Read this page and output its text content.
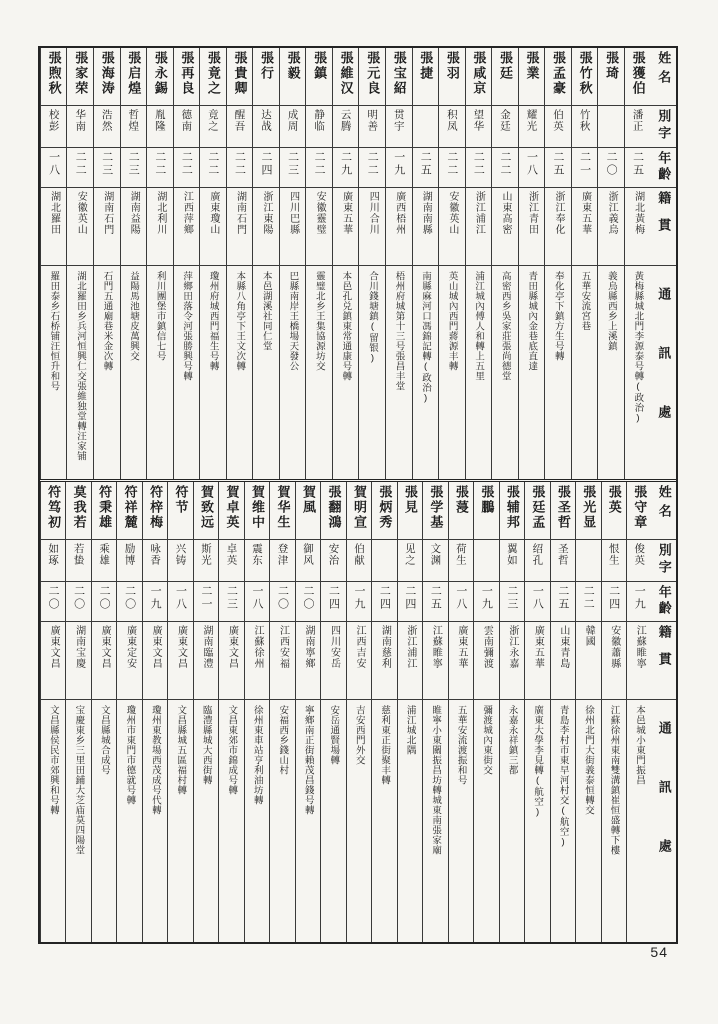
姓名
別字
年齡
籍貫
通訊處
張獲伯
潘正
二五
湖北黃梅
黃梅縣城北門李源泰号轉(政治)
張琦
二〇
浙江義烏
義烏縣西乡上溪鎮
張竹秋
竹秋
二一
廣東五華
五華安流宮巷
張孟豪
伯英
二五
浙江奉化
奉化亭下鎮方生号轉
張業
耀光
一八
浙江青田
青田縣城內金巷底直達
張廷
金廷
二二
山東高密
高密西乡吳家莊張尚德堂
張咸京
望华
二二
浙江浦江
浦江城內傅人和轉上五里
張羽
积凤
二二
安徽英山
英山城內西門蔣源丰轉
張捷
二五
湖南南縣
南縣麻河口馮錦記轉(政治)
張宝紹
贯宇
一九
廣西梧州
梧州府城第十三号張昌丰堂
張元良
明善
二二
四川合川
合川錢塘鎮(留银)
張維汉
云腾
二九
廣東五華
本邑孔兑鎮東常通康号轉
張鎮
静临
二二
安徽靈璧
靈璧北乡王集協源坊交
張毅
成周
二三
四川巴縣
巴縣南岸王橋場天發公
張行
达战
二四
浙江東陽
本邑湖溪社同仁堂
張貴卿
醒吾
二二
湖南石門
本縣八角亭下王文次轉
張竟之
竟之
二二
廣東瓊山
瓊州府城西門福生号轉
張再良
德南
二二
江西萍鄉
萍鄉田落令河張勝興号轉
張永錫
胤隆
二二
湖北利川
利川團堡市鎮信七号
張启煌
哲煌
二三
湖南益陽
益陽馬池塘皮萬興交
張海涛
浩然
二三
湖南石門
石門五通廟巷米金次轉
張家荣
华南
二二
安徽英山
湖北羅田乡兵河恒興仁交張維独堂轉汪家铺
張煦秋
校彭
一八
湖北羅田
羅田泰乡石桥铺汪恒升和号
姓名
別字
年齡
籍貫
通訊處
張守章
俊英
一九
江蘇睢寧
本邑城小東門振昌
張英
恨生
二四
安徽蕭縣
江蘇徐州東南雙溝鎮崔恒盛轉下樓
張光显
二二
韓國
徐州北門大街義泰恒轉交
張圣哲
圣哲
二五
山東青島
青島李村市東早河村交(航空)
張廷孟
绍孔
一八
廣東五華
廣東大學李見轉(航空)
張辅邦
翼如
二三
浙江永嘉
永嘉永祥鎮三都
張鵬
一九
雲南彌渡
彌渡城內東街交
張蓡
荷生
一八
廣東五華
五華安流渡振和号
張学基
文渊
二五
江蘇睢寧
睢寧小東關振昌坊轉城東南張家廟
張見
见之
二四
浙江浦江
浦江城北隅
張炳秀
二四
湖南慈利
慈利東正街聚丰轉
賀明宣
伯献
一九
江西吉安
吉安西門外交
張翻鴻
安治
二四
四川安岳
安岳通賢場轉
賀風
御风
二〇
湖南寧鄉
寧鄉南正街賴茂昌錢号轉
賀华生
登津
二〇
江西安福
安福西乡錢山村
賀维中
震东
一八
江蘇徐州
徐州東車站亨利油坊轉
賀卓英
卓英
二三
廣東文昌
文昌東郊市錦成号轉
賀致远
斯光
二一
湖南臨澧
臨澧縣城大西街轉
符节
兴铸
一八
廣東文昌
文昌縣城五區福村轉
符梓梅
咏香
一九
廣東文昌
瓊州東教場西茂成号代轉
符祥麓
励博
二〇
廣東定安
瓊州市東門市德就号轉
符秉雄
乘雄
二〇
廣東文昌
文昌縣城合成号
莫我若
若蛰
二〇
湖南宝慶
宝慶東乡三里田鋪大芝庙莫四陽堂
符笃初
如琢
二〇
廣東文昌
文昌縣侯民市郊興和号轉
54
